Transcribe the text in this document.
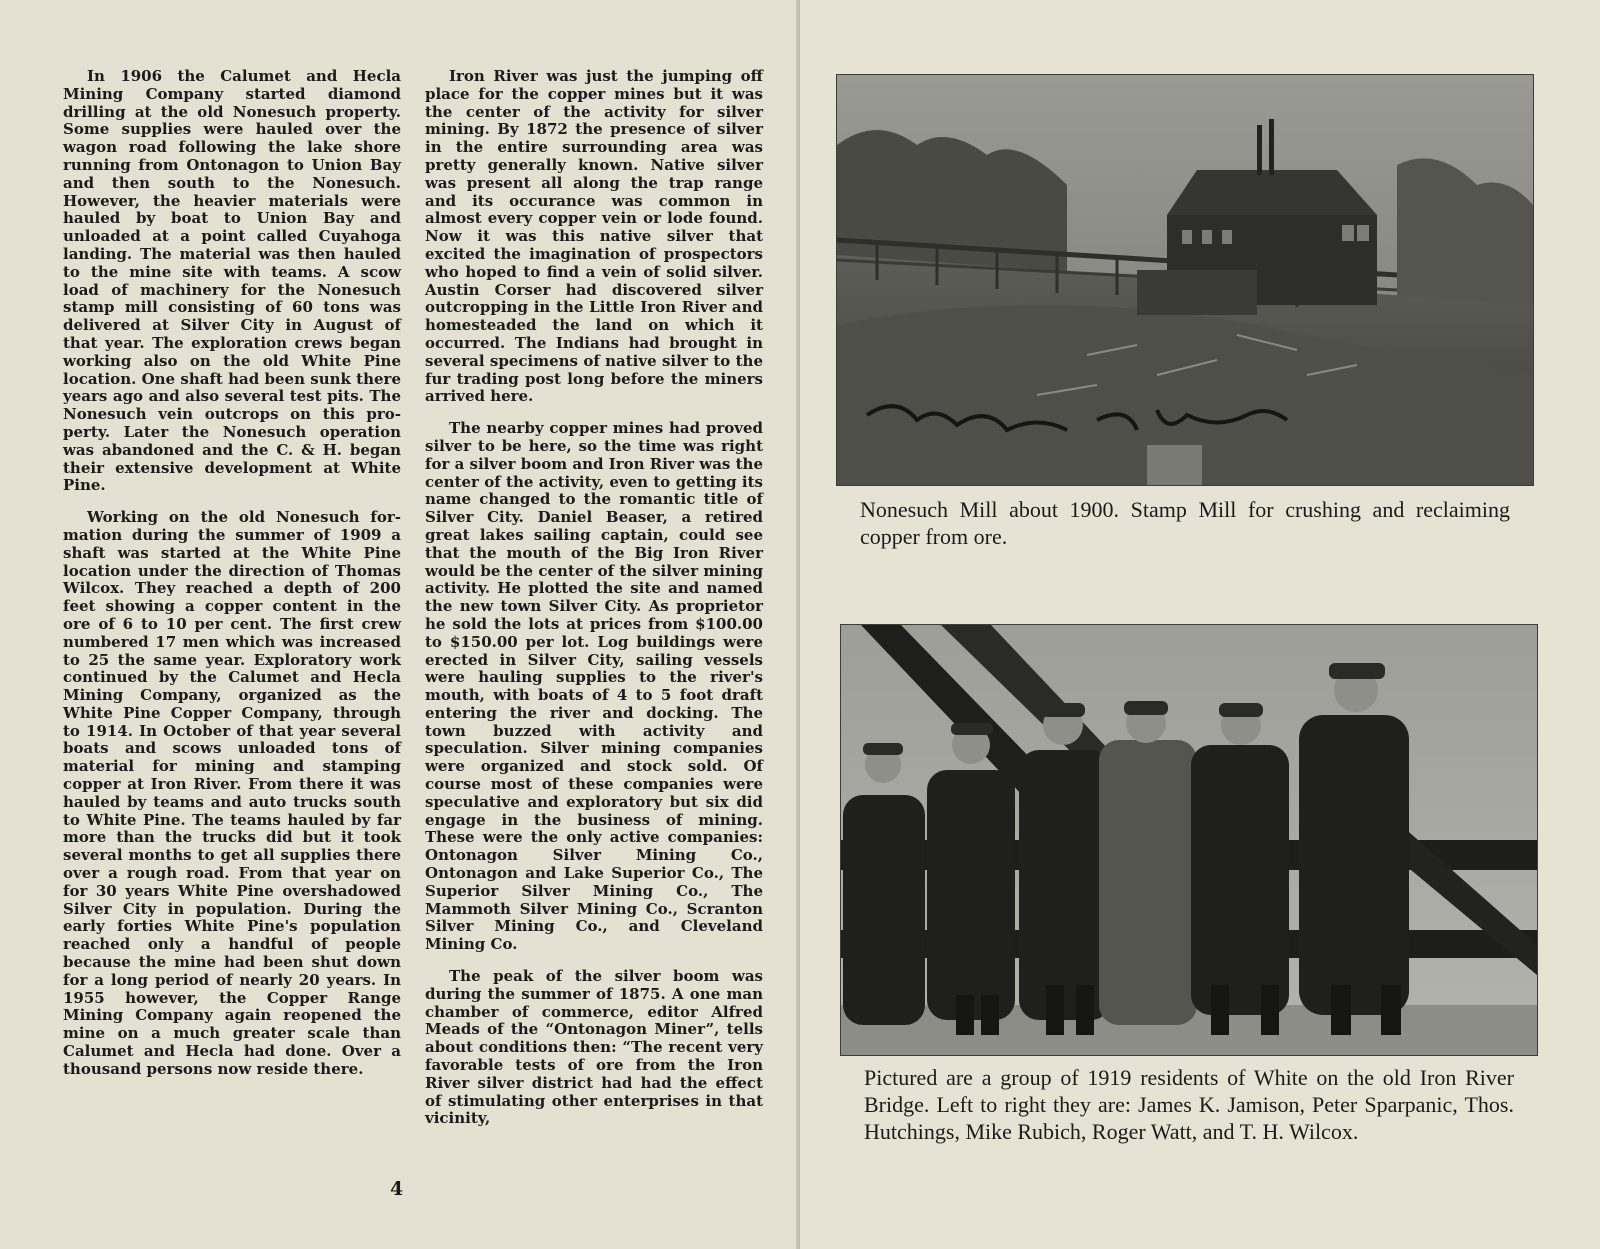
In 1906 the Calumet and Hecla Mining Company started diamond drilling at the old Nonesuch property. Some supplies were hauled over the wagon road following the lake shore running from Ontonagon to Union Bay and then south to the Nonesuch. However, the heavier materials were hauled by boat to Union Bay and unloaded at a point called Cuyahoga landing. The material was then hauled to the mine site with teams. A scow load of machinery for the Nonesuch stamp mill consisting of 60 tons was delivered at Silver City in August of that year. The exploration crews began working also on the old White Pine location. One shaft had been sunk there years ago and also several test pits. The Nonesuch vein outcrops on this property. Later the Nonesuch operation was abandoned and the C. & H. began their extensive development at White Pine.

Working on the old Nonesuch formation during the summer of 1909 a shaft was started at the White Pine location under the direction of Thomas Wilcox. They reached a depth of 200 feet showing a copper content in the ore of 6 to 10 per cent. The first crew numbered 17 men which was increased to 25 the same year. Exploratory work continued by the Calumet and Hecla Mining Company, organized as the White Pine Copper Company, through to 1914. In October of that year several boats and scows unloaded tons of material for mining and stamping copper at Iron River. From there it was hauled by teams and auto trucks south to White Pine. The teams hauled by far more than the trucks did but it took several months to get all supplies there over a rough road. From that year on for 30 years White Pine overshadowed Silver City in population. During the early forties White Pine's population reached only a handful of people because the mine had been shut down for a long period of nearly 20 years. In 1955 however, the Copper Range Mining Company again reopened the mine on a much greater scale than Calumet and Hecla had done. Over a thousand persons now reside there.

Iron River was just the jumping off place for the copper mines but it was the center of the activity for silver mining. By 1872 the presence of silver in the entire surrounding area was pretty generally known. Native silver was present all along the trap range and its occurance was common in almost every copper vein or lode found. Now it was this native silver that excited the imagination of prospectors who hoped to find a vein of solid silver. Austin Corser had discovered silver outcropping in the Little Iron River and homesteaded the land on which it occurred. The Indians had brought in several specimens of native silver to the fur trading post long before the miners arrived here.

The nearby copper mines had proved silver to be here, so the time was right for a silver boom and Iron River was the center of the activity, even to getting its name changed to the romantic title of Silver City. Daniel Beaser, a retired great lakes sailing captain, could see that the mouth of the Big Iron River would be the center of the silver mining activity. He plotted the site and named the new town Silver City. As proprietor he sold the lots at prices from $100.00 to $150.00 per lot. Log buildings were erected in Silver City, sailing vessels were hauling supplies to the river's mouth, with boats of 4 to 5 foot draft entering the river and docking. The town buzzed with activity and speculation. Silver mining companies were organized and stock sold. Of course most of these companies were speculative and exploratory but six did engage in the business of mining. These were the only active companies: Ontonagon Silver Mining Co., Ontonagon and Lake Superior Co., The Superior Silver Mining Co., The Mammoth Silver Mining Co., Scranton Silver Mining Co., and Cleveland Mining Co.

The peak of the silver boom was during the summer of 1875. A one man chamber of commerce, editor Alfred Meads of the “Ontonagon Miner”, tells about conditions then: “The recent very favorable tests of ore from the Iron River silver district had had the effect of stimulating other enterprises in that vicinity,

4
Nonesuch Mill about 1900. Stamp Mill for crushing and reclaiming copper from ore.
Pictured are a group of 1919 residents of White on the old Iron River Bridge. Left to right they are: James K. Jamison, Peter Sparpanic, Thos. Hutchings, Mike Rubich, Roger Watt, and T. H. Wilcox.
